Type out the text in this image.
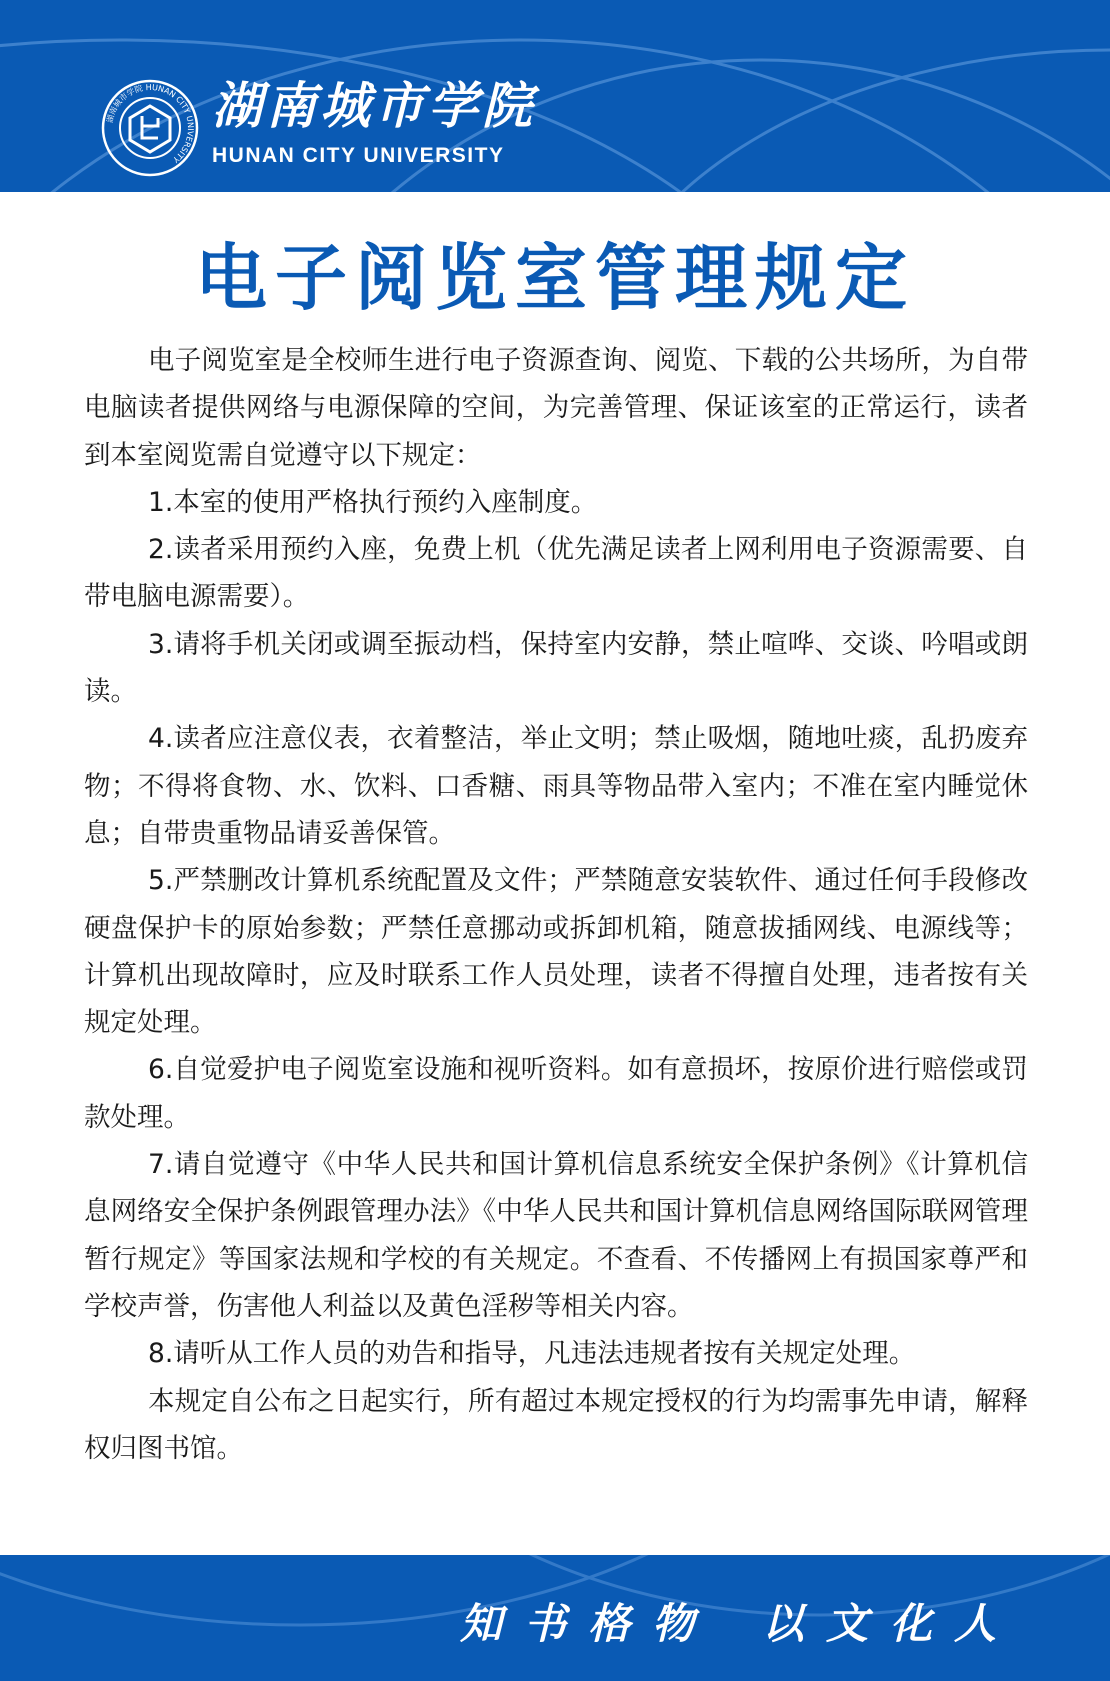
湖南城市学院 HUNAN CITY UNIVERSITY
湖南城市学院
HUNAN CITY UNIVERSITY
电子阅览室管理规定

电子阅览室是全校师生进行电子资源查询、阅览、下载的公共场所，为自带电脑读者提供网络与电源保障的空间，为完善管理、保证该室的正常运行，读者到本室阅览需自觉遵守以下规定：

1.本室的使用严格执行预约入座制度。

2.读者采用预约入座，免费上机（优先满足读者上网利用电子资源需要、自带电脑电源需要）。

3.请将手机关闭或调至振动档，保持室内安静，禁止喧哗、交谈、吟唱或朗读。

4.读者应注意仪表，衣着整洁，举止文明；禁止吸烟，随地吐痰，乱扔废弃物；不得将食物、水、饮料、口香糖、雨具等物品带入室内；不准在室内睡觉休息；自带贵重物品请妥善保管。

5.严禁删改计算机系统配置及文件；严禁随意安装软件、通过任何手段修改硬盘保护卡的原始参数；严禁任意挪动或拆卸机箱，随意拔插网线、电源线等；计算机出现故障时，应及时联系工作人员处理，读者不得擅自处理，违者按有关规定处理。

6.自觉爱护电子阅览室设施和视听资料。如有意损坏，按原价进行赔偿或罚款处理。

7.请自觉遵守《中华人民共和国计算机信息系统安全保护条例》《计算机信息网络安全保护条例跟管理办法》《中华人民共和国计算机信息网络国际联网管理暂行规定》等国家法规和学校的有关规定。不查看、不传播网上有损国家尊严和学校声誉，伤害他人利益以及黄色淫秽等相关内容。

8.请听从工作人员的劝告和指导，凡违法违规者按有关规定处理。

本规定自公布之日起实行，所有超过本规定授权的行为均需事先申请，解释权归图书馆。

知书格物 以文化人
